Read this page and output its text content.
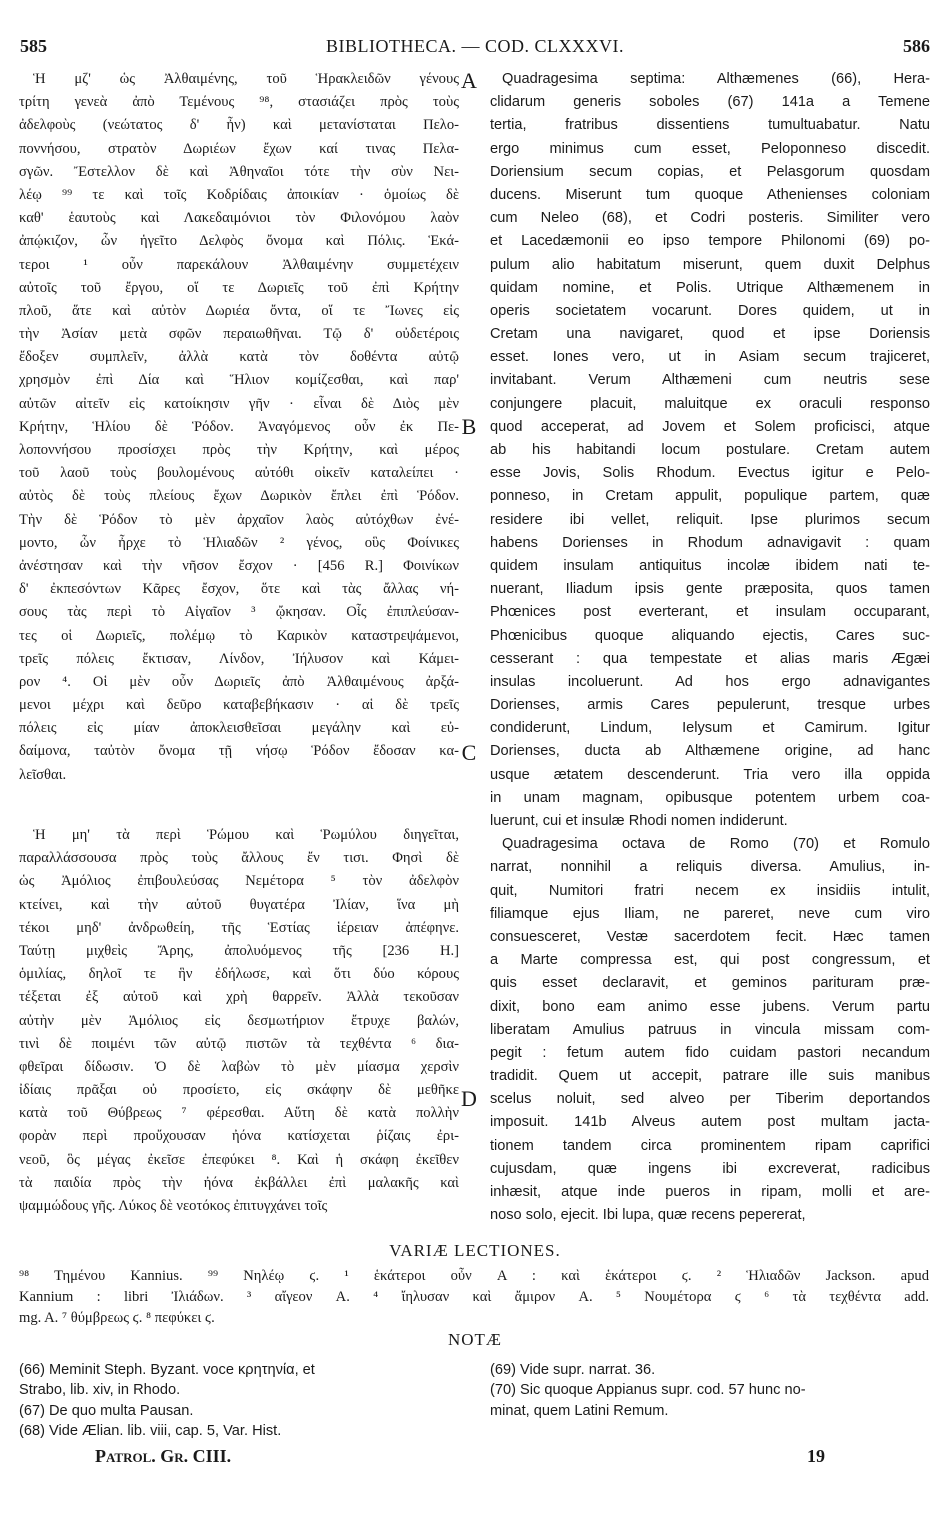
BIBLIOTHECA. — COD. CLXXXVI.
585	586
Ἡ μζ' ὡς Ἀλθαιμένης, τοῦ Ἡρακλειδῶν γένους
τρίτη γενεὰ ἀπὸ Τεμένους ⁹⁸, στασιάζει πρὸς τοὺς
ἀδελφοὺς (νεώτατος δ' ἦν) καὶ μετανίσταται Πελο-
ποννήσου, στρατὸν Δωριέων ἔχων καί τινας Πελα-
σγῶν. Ἔστελλον δὲ καὶ Ἀθηναῖοι τότε τὴν σὺν Νει-
λέῳ ⁹⁹ τε καὶ τοῖς Κοδρίδαις ἀποικίαν · ὁμοίως δὲ
καθ' ἑαυτοὺς καὶ Λακεδαιμόνιοι τὸν Φιλονόμου λαὸν
ἀπῴκιζον, ὧν ἡγεῖτο Δελφὸς ὄνομα καὶ Πόλις. Ἑκά-
τεροι ¹ οὖν παρεκάλουν Ἀλθαιμένην συμμετέχειν
αὐτοῖς τοῦ ἔργου, οἵ τε Δωριεῖς τοῦ ἐπὶ Κρήτην
πλοῦ, ἅτε καὶ αὐτὸν Δωριέα ὄντα, οἵ τε Ἴωνες εἰς
τὴν Ἀσίαν μετὰ σφῶν περαιωθῆναι. Τῷ δ' οὐδετέροις
ἔδοξεν συμπλεῖν, ἀλλὰ κατὰ τὸν δοθέντα αὐτῷ
χρησμὸν ἐπὶ Δία καὶ Ἥλιον κομίζεσθαι, καὶ παρ'
αὐτῶν αἰτεῖν εἰς κατοίκησιν γῆν · εἶναι δὲ Διὸς μὲν
Κρήτην, Ἡλίου δὲ Ῥόδον. Ἀναγόμενος οὖν ἐκ Πε-
λοποννήσου προσίσχει πρὸς τὴν Κρήτην, καὶ μέρος
τοῦ λαοῦ τοὺς βουλομένους αὐτόθι οἰκεῖν καταλείπει ·
αὐτὸς δὲ τοὺς πλείους ἔχων Δωρικὸν ἔπλει ἐπὶ Ῥόδον.
Τὴν δὲ Ῥόδον τὸ μὲν ἀρχαῖον λαὸς αὐτόχθων ἐνέ-
μοντο, ὧν ἦρχε τὸ Ἡλιαδῶν ² γένος, οὓς Φοίνικες
ἀνέστησαν καὶ τὴν νῆσον ἔσχον · [456 R.] Φοινίκων
δ' ἐκπεσόντων Κᾶρες ἔσχον, ὅτε καὶ τὰς ἄλλας νή-
σους τὰς περὶ τὸ Αἰγαῖον ³ ᾤκησαν. Οἷς ἐπιπλεύσαν-
τες οἱ Δωριεῖς, πολέμῳ τὸ Καρικὸν καταστρεψάμενοι,
τρεῖς πόλεις ἔκτισαν, Λίνδον, Ἰήλυσον καὶ Κάμει-
ρον ⁴. Οἱ μὲν οὖν Δωριεῖς ἀπὸ Ἀλθαιμένους ἀρξά-
μενοι μέχρι καὶ δεῦρο καταβεβήκασιν · αἱ δὲ τρεῖς
πόλεις εἰς μίαν ἀποκλεισθεῖσαι μεγάλην καὶ εὐ-
δαίμονα, ταὐτὸν ὄνομα τῇ νήσῳ Ῥόδον ἔδοσαν κα-
λεῖσθαι.
Ἡ μη' τὰ περὶ Ῥώμου καὶ Ῥωμύλου διηγεῖται,
παραλλάσσουσα πρὸς τοὺς ἄλλους ἔν τισι. Φησὶ δὲ
ὡς Ἀμόλιος ἐπιβουλεύσας Νεμέτορα ⁵ τὸν ἀδελφὸν
κτείνει, καὶ τὴν αὐτοῦ θυγατέρα Ἰλίαν, ἵνα μὴ
τέκοι μηδ' ἀνδρωθείη, τῆς Ἑστίας ἱέρειαν ἀπέφηνε.
Ταύτῃ μιχθεὶς Ἄρης, ἀπολυόμενος τῆς [236 H.]
ὁμιλίας, δηλοῖ τε ἣν ἐδήλωσε, καὶ ὅτι δύο κόρους
τέξεται ἐξ αὐτοῦ καὶ χρὴ θαρρεῖν. Ἀλλὰ τεκοῦσαν
αὐτὴν μὲν Ἀμόλιος εἰς δεσμωτήριον ἔτρυχε βαλών,
τινὶ δὲ ποιμένι τῶν αὐτῷ πιστῶν τὰ τεχθέντα ⁶ δια-
φθεῖραι δίδωσιν. Ὁ δὲ λαβὼν τὸ μὲν μίασμα χερσὶν
ἰδίαις πρᾶξαι οὐ προσίετο, εἰς σκάφην δὲ μεθῆκε
κατὰ τοῦ Θύβρεως ⁷ φέρεσθαι. Αὕτη δὲ κατὰ πολλὴν
φορὰν περὶ προὔχουσαν ἠόνα κατίσχεται ῥίζαις ἐρι-
νεοῦ, ὃς μέγας ἐκεῖσε ἐπεφύκει ⁸. Καὶ ἡ σκάφη ἐκεῖθεν
τὰ παιδία πρὸς τὴν ἠόνα ἐκβάλλει ἐπὶ μαλακῆς καὶ
ψαμμώδους γῆς. Λύκος δὲ νεοτόκος ἐπιτυγχάνει τοῖς
Quadragesima septima: Althæmenes (66), Hera-
clidarum generis soboles (67) 141a a Temene
tertia, fratribus dissentiens tumultuabatur. Natu
ergo minimus cum esset, Peloponneso discedit.
Doriensium secum copias, et Pelasgorum quosdam
ducens. Miserunt tum quoque Athenienses coloniam
cum Neleo (68), et Codri posteris. Similiter vero
et Lacedæmonii eo ipso tempore Philonomi (69) po-
pulum alio habitatum miserunt, quem duxit Delphus
quidam nomine, et Polis. Utrique Althæmenem in
operis societatem vocarunt. Dores quidem, ut in
Cretam una navigaret, quod et ipse Doriensis
esset. Iones vero, ut in Asiam secum trajiceret,
invitabant. Verum Althæmeni cum neutris sese
conjungere placuit, maluitque ex oraculi responso
quod acceperat, ad Jovem et Solem proficisci, atque
ab his habitandi locum postulare. Cretam autem
esse Jovis, Solis Rhodum. Evectus igitur e Pelo-
ponneso, in Cretam appulit, populique partem, quæ
residere ibi vellet, reliquit. Ipse plurimos secum
habens Dorienses in Rhodum adnavigavit : quam
quidem insulam antiquitus incolæ ibidem nati te-
nuerant, Iliadum ipsis gente præposita, quos tamen
Phœnices post everterant, et insulam occuparant,
Phœnicibus quoque aliquando ejectis, Cares suc-
cesserant : qua tempestate et alias maris Ægæi
insulas incoluerunt. Ad hos ergo adnavigantes
Dorienses, armis Cares pepulerunt, tresque urbes
condiderunt, Lindum, Ielysum et Camirum. Igitur
Dorienses, ducta ab Althæmene origine, ad hanc
usque ætatem descenderunt. Tria vero illa oppida
in unam magnam, opibusque potentem urbem coa-
luerunt, cui et insulæ Rhodi nomen indiderunt.
Quadragesima octava de Romo (70) et Romulo
narrat, nonnihil a reliquis diversa. Amulius, in-
quit, Numitori fratri necem ex insidiis intulit,
filiamque ejus Iliam, ne pareret, neve cum viro
consuesceret, Vestæ sacerdotem fecit. Hæc tamen
a Marte compressa est, qui post congressum, et
quis esset declaravit, et geminos parituram præ-
dixit, bono eam animo esse jubens. Verum partu
liberatam Amulius patruus in vincula missam com-
pegit : fetum autem fido cuidam pastori necandum
tradidit. Quem ut accepit, patrare ille suis manibus
scelus noluit, sed alveo per Tiberim deportandos
imposuit. 141b Alveus autem post multam jacta-
tionem tandem circa prominentem ripam caprifici
cujusdam, quæ ingens ibi excreverat, radicibus
inhæsit, atque inde pueros in ripam, molli et are-
noso solo, ejecit. Ibi lupa, quæ recens pepererat,
A
B
C
D
VARIÆ LECTIONES.
⁹⁸ Τημένου Kannius. ⁹⁹ Νηλέῳ ϛ. ¹ ἑκάτεροι οὖν A : καὶ ἑκάτεροι ϛ. ² Ἡλιαδῶν Jackson. apud
Kannium : libri Ἰλιάδων. ³ αἴγεον A. ⁴ ἴηλυσαν καὶ ἄμιρον A. ⁵ Νουμέτορα ϛ ⁶ τὰ τεχθέντα add.
mg. A. ⁷ θύμβρεως ϛ. ⁸ πεφύκει ϛ.
NOTÆ
(66) Meminit Steph. Byzant. voce κρητηνία, et
Strabo, lib. xiv, in Rhodo.
(67) De quo multa Pausan.
(68) Vide Ælian. lib. viii, cap. 5, Var. Hist.
(69) Vide supr. narrat. 36.
(70) Sic quoque Appianus supr. cod. 57 hunc no-
minat, quem Latini Remum.
Patrol. Gr. CIII.	19
